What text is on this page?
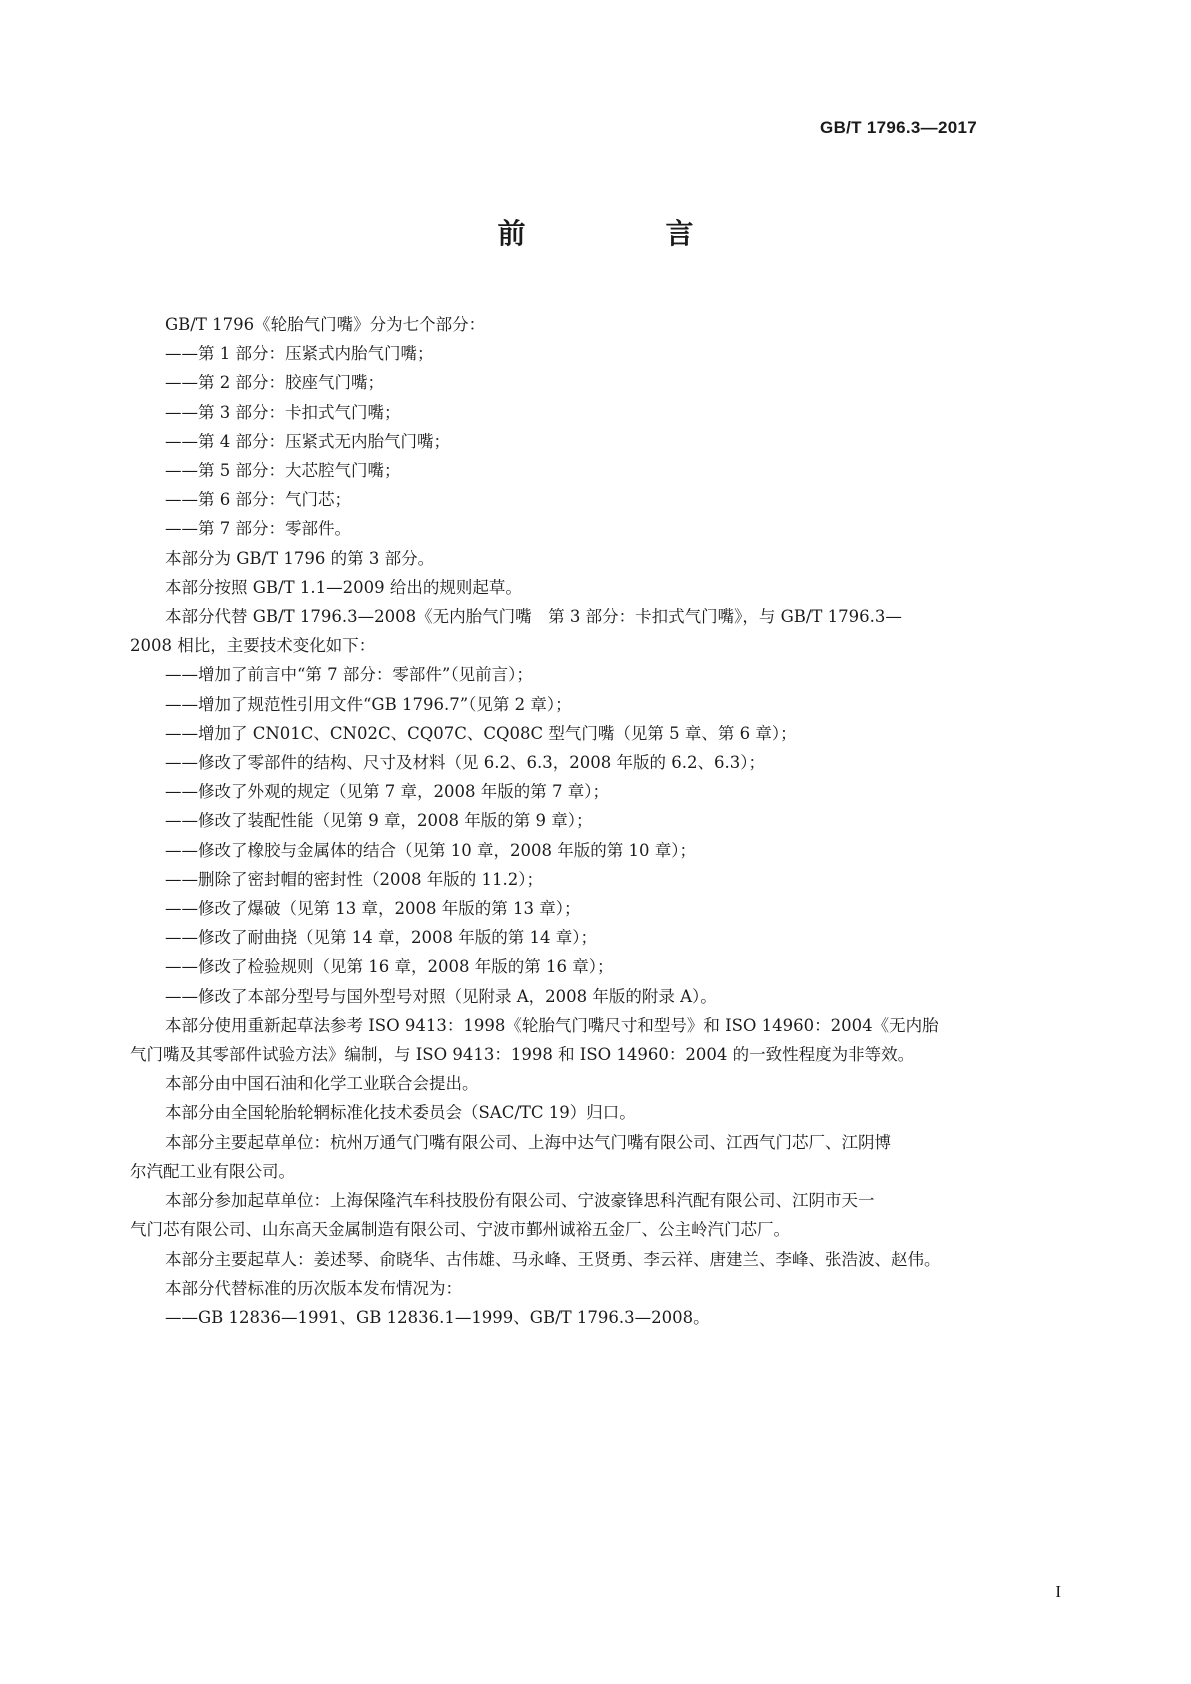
GB/T 1796.3—2017
前　言
GB/T 1796《轮胎气门嘴》分为七个部分：
——第 1 部分：压紧式内胎气门嘴；
——第 2 部分：胶座气门嘴；
——第 3 部分：卡扣式气门嘴；
——第 4 部分：压紧式无内胎气门嘴；
——第 5 部分：大芯腔气门嘴；
——第 6 部分：气门芯；
——第 7 部分：零部件。
本部分为 GB/T 1796 的第 3 部分。
本部分按照 GB/T 1.1—2009 给出的规则起草。
本部分代替 GB/T 1796.3—2008《无内胎气门嘴　第 3 部分：卡扣式气门嘴》，与 GB/T 1796.3—
2008 相比，主要技术变化如下：
——增加了前言中“第 7 部分：零部件”（见前言）；
——增加了规范性引用文件“GB 1796.7”（见第 2 章）；
——增加了 CN01C、CN02C、CQ07C、CQ08C 型气门嘴（见第 5 章、第 6 章）；
——修改了零部件的结构、尺寸及材料（见 6.2、6.3，2008 年版的 6.2、6.3）；
——修改了外观的规定（见第 7 章，2008 年版的第 7 章）；
——修改了装配性能（见第 9 章，2008 年版的第 9 章）；
——修改了橡胶与金属体的结合（见第 10 章，2008 年版的第 10 章）；
——删除了密封帽的密封性（2008 年版的 11.2）；
——修改了爆破（见第 13 章，2008 年版的第 13 章）；
——修改了耐曲挠（见第 14 章，2008 年版的第 14 章）；
——修改了检验规则（见第 16 章，2008 年版的第 16 章）；
——修改了本部分型号与国外型号对照（见附录 A，2008 年版的附录 A）。
本部分使用重新起草法参考 ISO 9413：1998《轮胎气门嘴尺寸和型号》和 ISO 14960：2004《无内胎
气门嘴及其零部件试验方法》编制，与 ISO 9413：1998 和 ISO 14960：2004 的一致性程度为非等效。
本部分由中国石油和化学工业联合会提出。
本部分由全国轮胎轮辋标准化技术委员会（SAC/TC 19）归口。
本部分主要起草单位：杭州万通气门嘴有限公司、上海中达气门嘴有限公司、江西气门芯厂、江阴博
尔汽配工业有限公司。
本部分参加起草单位：上海保隆汽车科技股份有限公司、宁波豪锋思科汽配有限公司、江阴市天一
气门芯有限公司、山东高天金属制造有限公司、宁波市鄞州诚裕五金厂、公主岭汽门芯厂。
本部分主要起草人：姜述琴、俞晓华、古伟雄、马永峰、王贤勇、李云祥、唐建兰、李峰、张浩波、赵伟。
本部分代替标准的历次版本发布情况为：
——GB 12836—1991、GB 12836.1—1999、GB/T 1796.3—2008。
I
